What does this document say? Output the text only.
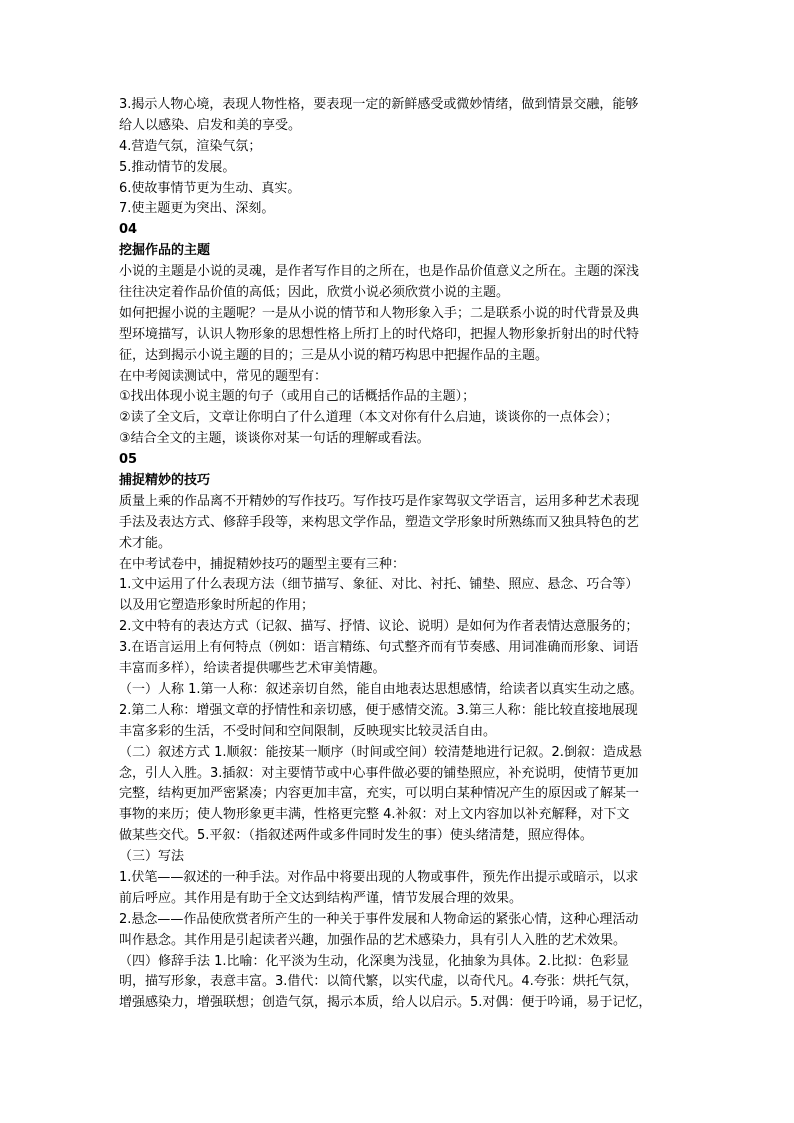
3.揭示人物心境，表现人物性格，要表现一定的新鲜感受或微妙情绪，做到情景交融，能够
给人以感染、启发和美的享受。
4.营造气氛，渲染气氛；
5.推动情节的发展。
6.使故事情节更为生动、真实。
7.使主题更为突出、深刻。
04
挖掘作品的主题
小说的主题是小说的灵魂，是作者写作目的之所在，也是作品价值意义之所在。主题的深浅
往往决定着作品价值的高低；因此，欣赏小说必须欣赏小说的主题。
如何把握小说的主题呢？一是从小说的情节和人物形象入手；二是联系小说的时代背景及典
型环境描写，认识人物形象的思想性格上所打上的时代烙印，把握人物形象折射出的时代特
征，达到揭示小说主题的目的；三是从小说的精巧构思中把握作品的主题。
在中考阅读测试中，常见的题型有：
①找出体现小说主题的句子（或用自己的话概括作品的主题）；
②读了全文后，文章让你明白了什么道理（本文对你有什么启迪，谈谈你的一点体会）；
③结合全文的主题，谈谈你对某一句话的理解或看法。
05
捕捉精妙的技巧
质量上乘的作品离不开精妙的写作技巧。写作技巧是作家驾驭文学语言，运用多种艺术表现
手法及表达方式、修辞手段等，来构思文学作品，塑造文学形象时所熟练而又独具特色的艺
术才能。
在中考试卷中，捕捉精妙技巧的题型主要有三种：
1.文中运用了什么表现方法（细节描写、象征、对比、衬托、铺垫、照应、悬念、巧合等）
以及用它塑造形象时所起的作用；
2.文中特有的表达方式（记叙、描写、抒情、议论、说明）是如何为作者表情达意服务的；
3.在语言运用上有何特点（例如：语言精练、句式整齐而有节奏感、用词准确而形象、词语
丰富而多样），给读者提供哪些艺术审美情趣。
（一）人称 1.第一人称：叙述亲切自然，能自由地表达思想感情，给读者以真实生动之感。
2.第二人称：增强文章的抒情性和亲切感，便于感情交流。3.第三人称：能比较直接地展现
丰富多彩的生活，不受时间和空间限制，反映现实比较灵活自由。
（二）叙述方式 1.顺叙：能按某一顺序（时间或空间）较清楚地进行记叙。2.倒叙：造成悬
念，引人入胜。3.插叙：对主要情节或中心事件做必要的铺垫照应，补充说明，使情节更加
完整，结构更加严密紧凑；内容更加丰富，充实，可以明白某种情况产生的原因或了解某一
事物的来历；使人物形象更丰满，性格更完整 4.补叙：对上文内容加以补充解释，对下文
做某些交代。5.平叙：（指叙述两件或多件同时发生的事）使头绪清楚，照应得体。
（三）写法
1.伏笔——叙述的一种手法。对作品中将要出现的人物或事件，预先作出提示或暗示，以求
前后呼应。其作用是有助于全文达到结构严谨，情节发展合理的效果。
2.悬念——作品使欣赏者所产生的一种关于事件发展和人物命运的紧张心情，这种心理活动
叫作悬念。其作用是引起读者兴趣，加强作品的艺术感染力，具有引人入胜的艺术效果。
（四）修辞手法 1.比喻：化平淡为生动，化深奥为浅显，化抽象为具体。2.比拟：色彩显
明，描写形象，表意丰富。3.借代：以简代繁，以实代虚，以奇代凡。4.夸张：烘托气氛，
增强感染力，增强联想；创造气氛，揭示本质，给人以启示。5.对偶：便于吟诵，易于记忆，
